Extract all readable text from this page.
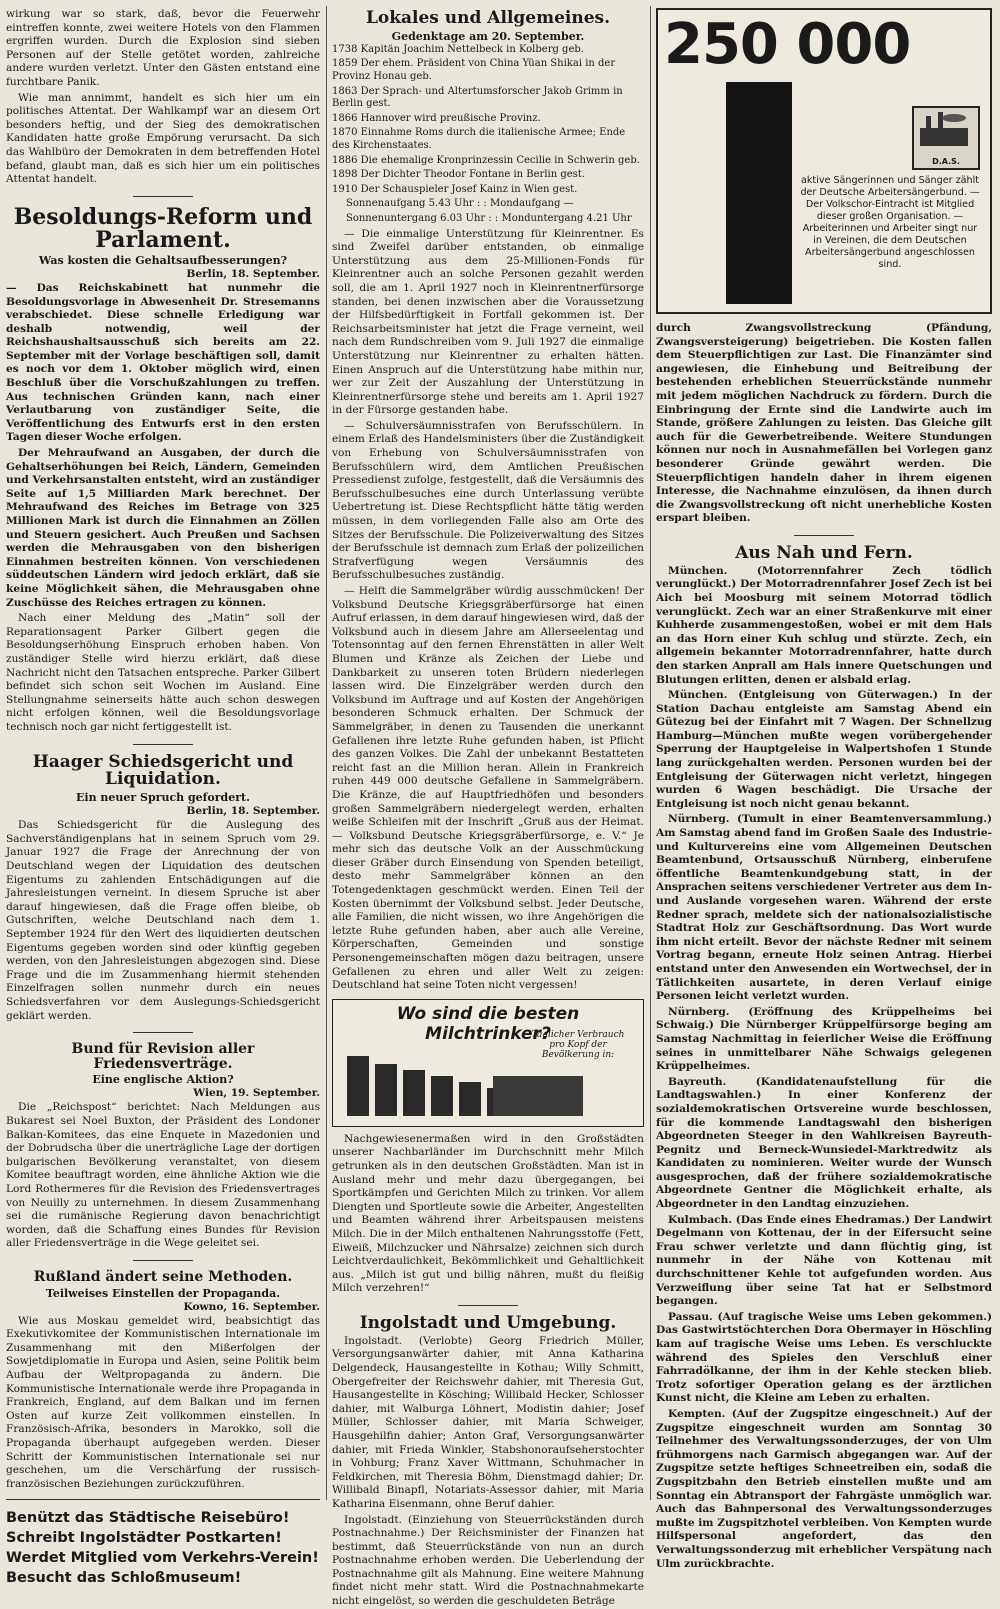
wirkung war so stark, daß, bevor die Feuerwehr eintreffen konnte, zwei weitere Hotels von den Flammen ergriffen wurden. Durch die Explosion sind sieben Personen auf der Stelle getötet worden, zahlreiche andere wurden verletzt. Unter den Gästen entstand eine furchtbare Panik.

Wie man annimmt, handelt es sich hier um ein politisches Attentat. Der Wahlkampf war an diesem Ort besonders heftig, und der Sieg des demokratischen Kandidaten hatte große Empörung verursacht. Da sich das Wahlbüro der Demokraten in dem betreffenden Hotel befand, glaubt man, daß es sich hier um ein politisches Attentat handelt.

Besoldungs-Reform und Parlament.
Was kosten die Gehaltsaufbesserungen?
Berlin, 18. September.

— Das Reichskabinett hat nunmehr die Besoldungsvorlage in Abwesenheit Dr. Stresemanns verabschiedet. Diese schnelle Erledigung war deshalb notwendig, weil der Reichshaushaltsausschuß sich bereits am 22. September mit der Vorlage beschäftigen soll, damit es noch vor dem 1. Oktober möglich wird, einen Beschluß über die Vorschußzahlungen zu treffen. Aus technischen Gründen kann, nach einer Verlautbarung von zuständiger Seite, die Veröffentlichung des Entwurfs erst in den ersten Tagen dieser Woche erfolgen.

Der Mehraufwand an Ausgaben, der durch die Gehaltserhöhungen bei Reich, Ländern, Gemeinden und Verkehrsanstalten entsteht, wird an zuständiger Seite auf 1,5 Milliarden Mark berechnet. Der Mehraufwand des Reiches im Betrage von 325 Millionen Mark ist durch die Einnahmen an Zöllen und Steuern gesichert. Auch Preußen und Sachsen werden die Mehrausgaben von den bisherigen Einnahmen bestreiten können. Von verschiedenen süddeutschen Ländern wird jedoch erklärt, daß sie keine Möglichkeit sähen, die Mehrausgaben ohne Zuschüsse des Reiches ertragen zu können.

Nach einer Meldung des „Matin“ soll der Reparationsagent Parker Gilbert gegen die Besoldungserhöhung Einspruch erhoben haben. Von zuständiger Stelle wird hierzu erklärt, daß diese Nachricht nicht den Tatsachen entspreche. Parker Gilbert befindet sich schon seit Wochen im Ausland. Eine Stellungnahme seinerseits hätte auch schon deswegen nicht erfolgen können, weil die Besoldungsvorlage technisch noch gar nicht fertiggestellt ist.

Haager Schiedsgericht und Liquidation.
Ein neuer Spruch gefordert.
Berlin, 18. September.

Das Schiedsgericht für die Auslegung des Sachverständigenplans hat in seinem Spruch vom 29. Januar 1927 die Frage der Anrechnung der von Deutschland wegen der Liquidation des deutschen Eigentums zu zahlenden Entschädigungen auf die Jahresleistungen verneint. In diesem Spruche ist aber darauf hingewiesen, daß die Frage offen bleibe, ob Gutschriften, welche Deutschland nach dem 1. September 1924 für den Wert des liquidierten deutschen Eigentums gegeben worden sind oder künftig gegeben werden, von den Jahresleistungen abgezogen sind. Diese Frage und die im Zusammenhang hiermit stehenden Einzelfragen sollen nunmehr durch ein neues Schiedsverfahren vor dem Auslegungs-Schiedsgericht geklärt werden.

Bund für Revision aller Friedensverträge.
Eine englische Aktion?
Wien, 19. September.

Die „Reichspost“ berichtet: Nach Meldungen aus Bukarest sei Noel Buxton, der Präsident des Londoner Balkan-Komitees, das eine Enquete in Mazedonien und der Dobrudscha über die unerträgliche Lage der dortigen bulgarischen Bevölkerung veranstaltet, von diesem Komitee beauftragt worden, eine ähnliche Aktion wie die Lord Rothermeres für die Revision des Friedensvertrages von Neuilly zu unternehmen. In diesem Zusammenhang sei die rumänische Regierung davon benachrichtigt worden, daß die Schaffung eines Bundes für Revision aller Friedensverträge in die Wege geleitet sei.

Rußland ändert seine Methoden.
Teilweises Einstellen der Propaganda.
Kowno, 16. September.

Wie aus Moskau gemeldet wird, beabsichtigt das Exekutivkomitee der Kommunistischen Internationale im Zusammenhang mit den Mißerfolgen der Sowjetdiplomatie in Europa und Asien, seine Politik beim Aufbau der Weltpropaganda zu ändern. Die Kommunistische Internationale werde ihre Propaganda in Frankreich, England, auf dem Balkan und im fernen Osten auf kurze Zeit vollkommen einstellen. In Französisch-Afrika, besonders in Marokko, soll die Propaganda überhaupt aufgegeben werden. Dieser Schritt der Kommunistischen Internationale sei nur geschehen, um die Verschärfung der russisch-französischen Beziehungen zurückzuführen.

Benützt das Städtische Reisebüro!
Schreibt Ingolstädter Postkarten!
Werdet Mitglied vom Verkehrs-Verein!
Besucht das Schloßmuseum!
Lokales und Allgemeines.
Gedenktage am 20. September.

1738 Kapitän Joachim Nettelbeck in Kolberg geb.

1859 Der ehem. Präsident von China Yüan Shikai in der Provinz Honau geb.

1863 Der Sprach- und Altertumsforscher Jakob Grimm in Berlin gest.

1866 Hannover wird preußische Provinz.

1870 Einnahme Roms durch die italienische Armee; Ende des Kirchenstaates.

1886 Die ehemalige Kronprinzessin Cecilie in Schwerin geb.

1898 Der Dichter Theodor Fontane in Berlin gest.

1910 Der Schauspieler Josef Kainz in Wien gest.

Sonnenaufgang 5.43 Uhr : : Mondaufgang —

Sonnenuntergang 6.03 Uhr : : Monduntergang 4.21 Uhr

— Die einmalige Unterstützung für Kleinrentner. Es sind Zweifel darüber entstanden, ob einmalige Unterstützung aus dem 25-Millionen-Fonds für Kleinrentner auch an solche Personen gezahlt werden soll, die am 1. April 1927 noch in Kleinrentnerfürsorge standen, bei denen inzwischen aber die Voraussetzung der Hilfsbedürftigkeit in Fortfall gekommen ist. Der Reichsarbeitsminister hat jetzt die Frage verneint, weil nach dem Rundschreiben vom 9. Juli 1927 die einmalige Unterstützung nur Kleinrentner zu erhalten hätten. Einen Anspruch auf die Unterstützung habe mithin nur, wer zur Zeit der Auszahlung der Unterstützung in Kleinrentnerfürsorge stehe und bereits am 1. April 1927 in der Fürsorge gestanden habe.

— Schulversäumnisstrafen von Berufsschülern. In einem Erlaß des Handelsministers über die Zuständigkeit von Erhebung von Schulversäumnisstrafen von Berufsschülern wird, dem Amtlichen Preußischen Pressedienst zufolge, festgestellt, daß die Versäumnis des Berufsschulbesuches eine durch Unterlassung verübte Uebertretung ist. Diese Rechtspflicht hätte tätig werden müssen, in dem vorliegenden Falle also am Orte des Sitzes der Berufsschule. Die Polizeiverwaltung des Sitzes der Berufsschule ist demnach zum Erlaß der polizeilichen Strafverfügung wegen Versäumnis des Berufsschulbesuches zuständig.

— Helft die Sammelgräber würdig ausschmücken! Der Volksbund Deutsche Kriegsgräberfürsorge hat einen Aufruf erlassen, in dem darauf hingewiesen wird, daß der Volksbund auch in diesem Jahre am Allerseelentag und Totensonntag auf den fernen Ehrenstätten in aller Welt Blumen und Kränze als Zeichen der Liebe und Dankbarkeit zu unseren toten Brüdern niederlegen lassen wird. Die Einzelgräber werden durch den Volksbund im Auftrage und auf Kosten der Angehörigen besonderen Schmuck erhalten. Der Schmuck der Sammelgräber, in denen zu Tausenden die unerkannt Gefallenen ihre letzte Ruhe gefunden haben, ist Pflicht des ganzen Volkes. Die Zahl der unbekannt Bestatteten reicht fast an die Million heran. Allein in Frankreich ruhen 449 000 deutsche Gefallene in Sammelgräbern. Die Kränze, die auf Hauptfriedhöfen und besonders großen Sammelgräbern niedergelegt werden, erhalten weiße Schleifen mit der Inschrift „Gruß aus der Heimat. — Volksbund Deutsche Kriegsgräberfürsorge, e. V.“ Je mehr sich das deutsche Volk an der Ausschmückung dieser Gräber durch Einsendung von Spenden beteiligt, desto mehr Sammelgräber können an den Totengedenktagen geschmückt werden. Einen Teil der Kosten übernimmt der Volksbund selbst. Jeder Deutsche, alle Familien, die nicht wissen, wo ihre Angehörigen die letzte Ruhe gefunden haben, aber auch alle Vereine, Körperschaften, Gemeinden und sonstige Personengemeinschaften mögen dazu beitragen, unsere Gefallenen zu ehren und aller Welt zu zeigen: Deutschland hat seine Toten nicht vergessen!

Wo sind die besten Milchtrinker?
Täglicher Verbrauch pro Kopf der Bevölkerung in:

Nachgewiesenermaßen wird in den Großstädten unserer Nachbarländer im Durchschnitt mehr Milch getrunken als in den deutschen Großstädten. Man ist in Ausland mehr und mehr dazu übergegangen, bei Sportkämpfen und Gerichten Milch zu trinken. Vor allem Diengten und Sportleute sowie die Arbeiter, Angestellten und Beamten während ihrer Arbeitspausen meistens Milch. Die in der Milch enthaltenen Nahrungsstoffe (Fett, Eiweiß, Milchzucker und Nährsalze) zeichnen sich durch Leichtverdaulichkeit, Bekömmlichkeit und Gehaltlichkeit aus. „Milch ist gut und billig nähren, mußt du fleißig Milch verzehren!“

Ingolstadt und Umgebung.

Ingolstadt. (Verlobte) Georg Friedrich Müller, Versorgungsanwärter dahier, mit Anna Katharina Delgendeck, Hausangestellte in Kothau; Willy Schmitt, Obergefreiter der Reichswehr dahier, mit Theresia Gut, Hausangestellte in Kösching; Willibald Hecker, Schlosser dahier, mit Walburga Löhnert, Modistin dahier; Josef Müller, Schlosser dahier, mit Maria Schweiger, Hausgehilfin dahier; Anton Graf, Versorgungsanwärter dahier, mit Frieda Winkler, Stabshonoraufseherstochter in Vohburg; Franz Xaver Wittmann, Schuhmacher in Feldkirchen, mit Theresia Böhm, Dienstmagd dahier; Dr. Willibald Binapfl, Notariats-Assessor dahier, mit Maria Katharina Eisenmann, ohne Beruf dahier.

Ingolstadt. (Einziehung von Steuerrückständen durch Postnachnahme.) Der Reichsminister der Finanzen hat bestimmt, daß Steuerrückstände von nun an durch Postnachnahme erhoben werden. Die Ueberlendung der Postnachnahme gilt als Mahnung. Eine weitere Mahnung findet nicht mehr statt. Wird die Postnachnahmekarte nicht eingelöst, so werden die geschuldeten Beträge

250 000
D.A.S.
aktive Sängerinnen und Sänger zählt der Deutsche Arbeitersängerbund. — Der Volkschor-Eintracht ist Mitglied dieser großen Organisation. — Arbeiterinnen und Arbeiter singt nur in Vereinen, die dem Deutschen Arbeitersängerbund angeschlossen sind.

durch Zwangsvollstreckung (Pfändung, Zwangsversteigerung) beigetrieben. Die Kosten fallen dem Steuerpflichtigen zur Last. Die Finanzämter sind angewiesen, die Einhebung und Beitreibung der bestehenden erheblichen Steuerrückstände nunmehr mit jedem möglichen Nachdruck zu fördern. Durch die Einbringung der Ernte sind die Landwirte auch im Stande, größere Zahlungen zu leisten. Das Gleiche gilt auch für die Gewerbetreibende. Weitere Stundungen können nur noch in Ausnahmefällen bei Vorlegen ganz besonderer Gründe gewährt werden. Die Steuerpflichtigen handeln daher in ihrem eigenen Interesse, die Nachnahme einzulösen, da ihnen durch die Zwangsvollstreckung oft nicht unerhebliche Kosten erspart bleiben.

Aus Nah und Fern.

München. (Motorrennfahrer Zech tödlich verunglückt.) Der Motorradrennfahrer Josef Zech ist bei Aich bei Moosburg mit seinem Motorrad tödlich verunglückt. Zech war an einer Straßenkurve mit einer Kuhherde zusammengestoßen, wobei er mit dem Hals an das Horn einer Kuh schlug und stürzte. Zech, ein allgemein bekannter Motorradrennfahrer, hatte durch den starken Anprall am Hals innere Quetschungen und Blutungen erlitten, denen er alsbald erlag.

München. (Entgleisung von Güterwagen.) In der Station Dachau entgleiste am Samstag Abend ein Gütezug bei der Einfahrt mit 7 Wagen. Der Schnellzug Hamburg—München mußte wegen vorübergehender Sperrung der Hauptgeleise in Walpertshofen 1 Stunde lang zurückgehalten werden. Personen wurden bei der Entgleisung der Güterwagen nicht verletzt, hingegen wurden 6 Wagen beschädigt. Die Ursache der Entgleisung ist noch nicht genau bekannt.

Nürnberg. (Tumult in einer Beamtenversammlung.) Am Samstag abend fand im Großen Saale des Industrie- und Kulturvereins eine vom Allgemeinen Deutschen Beamtenbund, Ortsausschuß Nürnberg, einberufene öffentliche Beamtenkundgebung statt, in der Ansprachen seitens verschiedener Vertreter aus dem In- und Auslande vorgesehen waren. Während der erste Redner sprach, meldete sich der nationalsozialistische Stadtrat Holz zur Geschäftsordnung. Das Wort wurde ihm nicht erteilt. Bevor der nächste Redner mit seinem Vortrag begann, erneute Holz seinen Antrag. Hierbei entstand unter den Anwesenden ein Wortwechsel, der in Tätlichkeiten ausartete, in deren Verlauf einige Personen leicht verletzt wurden.

Nürnberg. (Eröffnung des Krüppelheims bei Schwaig.) Die Nürnberger Krüppelfürsorge beging am Samstag Nachmittag in feierlicher Weise die Eröffnung seines in unmittelbarer Nähe Schwaigs gelegenen Krüppelheimes.

Bayreuth. (Kandidatenaufstellung für die Landtagswahlen.) In einer Konferenz der sozialdemokratischen Ortsvereine wurde beschlossen, für die kommende Landtagswahl den bisherigen Abgeordneten Steeger in den Wahlkreisen Bayreuth-Pegnitz und Berneck-Wunsiedel-Marktredwitz als Kandidaten zu nominieren. Weiter wurde der Wunsch ausgesprochen, daß der frühere sozialdemokratische Abgeordnete Gentner die Möglichkeit erhalte, als Abgeordneter in den Landtag einzuziehen.

Kulmbach. (Das Ende eines Ehedramas.) Der Landwirt Degelmann von Kottenau, der in der Eifersucht seine Frau schwer verletzte und dann flüchtig ging, ist nunmehr in der Nähe von Kottenau mit durchschnittener Kehle tot aufgefunden worden. Aus Verzweiflung über seine Tat hat er Selbstmord begangen.

Passau. (Auf tragische Weise ums Leben gekommen.) Das Gastwirtstöchterchen Dora Obermayer in Höschling kam auf tragische Weise ums Leben. Es verschluckte während des Spieles den Verschluß einer Fahrradölkanne, der ihm in der Kehle stecken blieb. Trotz sofortiger Operation gelang es der ärztlichen Kunst nicht, die Kleine am Leben zu erhalten.

Kempten. (Auf der Zugspitze eingeschneit.) Auf der Zugspitze eingeschneit wurden am Sonntag 30 Teilnehmer des Verwaltungssonderzuges, der von Ulm frühmorgens nach Garmisch abgegangen war. Auf der Zugspitze setzte heftiges Schneetreiben ein, sodaß die Zugspitzbahn den Betrieb einstellen mußte und am Sonntag ein Abtransport der Fahrgäste unmöglich war. Auch das Bahnpersonal des Verwaltungssonderzuges mußte im Zugspitzhotel verbleiben. Von Kempten wurde Hilfspersonal angefordert, das den Verwaltungssonderzug mit erheblicher Verspätung nach Ulm zurückbrachte.
